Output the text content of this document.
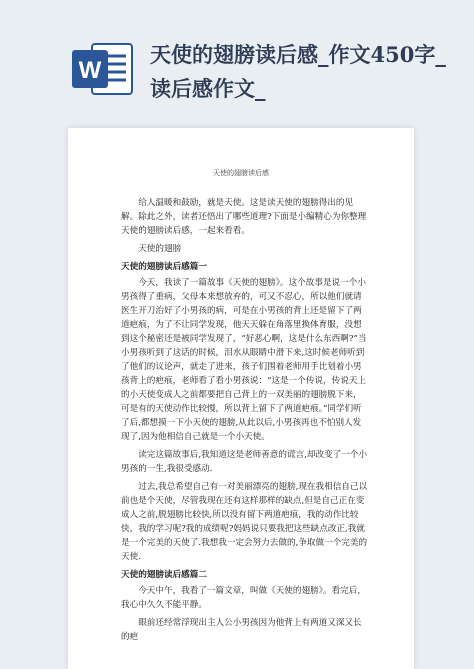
W
天使的翅膀读后感_作文450字_读后感作文_
天使的翅膀读后感

给人温暖和鼓励，就是天使。这是读天使的翅膀得出的见解。除此之外，读者还悟出了哪些道理?下面是小编精心为你整理天使的翅膀读后感，一起来看看。

天使的翅膀

天使的翅膀读后感篇一

今天，我读了一篇故事《天使的翅膀》。这个故事是说一个小男孩得了重病，父母本来想放弃的，可又不忍心，所以他们就请医生开刀治好了小男孩的病，可是在小男孩的背上还是留下了两道疤痕，为了不让同学发现，他天天躲在角落里换体育服，没想到这个秘密还是被同学发现了，“好恶心啊，这是什么东西啊?”当小男孩听到了这话的时候，泪水从眼睛中滑下来,这时候老师听到了他们的议论声，就走了进来，孩子们围着老师用手比划着小男孩背上的疤痕，老师看了看小男孩说：“这是一个传说，传说天上的小天使变成人之前都要把自己背上的一双美丽的翅膀脱下来，可是有的天使动作比较慢，所以背上留下了两道疤痕。”同学们听了后,都想摸一下小天使的翅膀,从此以后,小男孩再也不怕别人发现了,因为他相信自己就是一个小天使。

读完这篇故事后,我知道这是老师善意的谎言,却改变了一个小男孩的一生,我很受感动.

过去,我总希望自己有一对美丽漂亮的翅膀,现在我相信自己以前也是个天使，尽管我现在还有这样那样的缺点,但是自己正在变成人之前,脱翅膀比较快,所以没有留下两道疤痕，我的动作比较快，我的学习呢?我的成绩呢?妈妈说只要我把这些缺点改正,我就是一个完美的天使了.我想我一定会努力去做的,争取做一个完美的天使.

天使的翅膀读后感篇二

今天中午，我看了一篇文章，叫做《天使的翅膀》。看完后，我心中久久不能平静。

眼前还经常浮现出主人公小男孩因为他背上有两道又深又长的疤
